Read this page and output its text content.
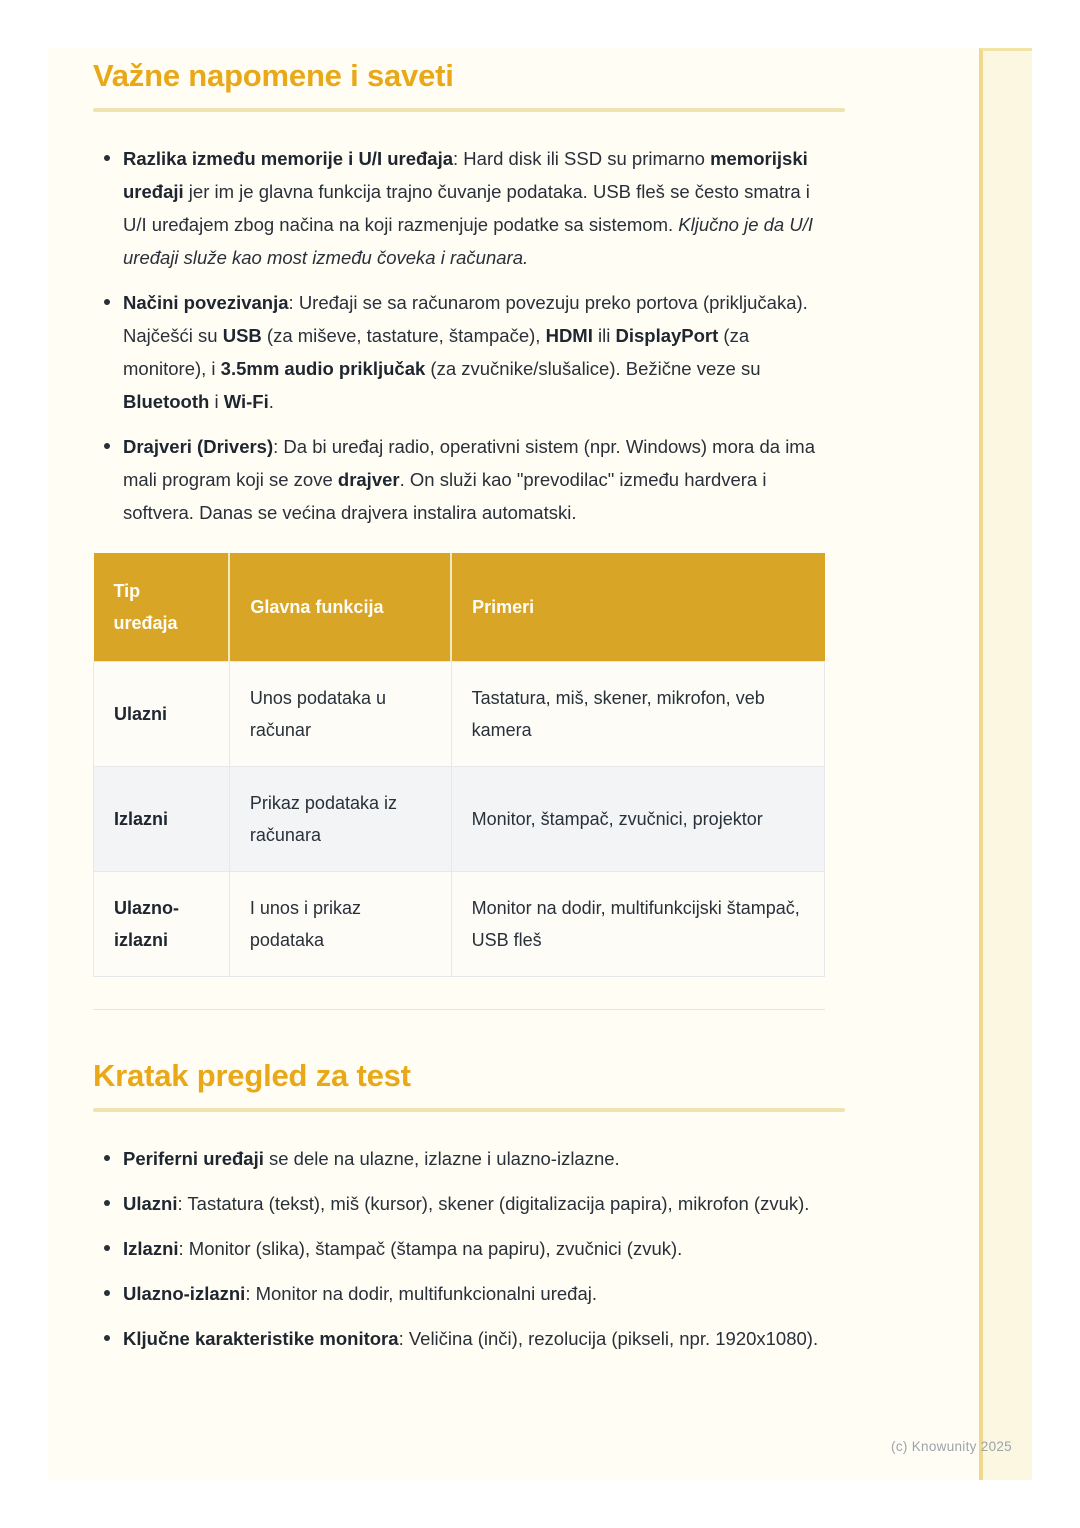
Važne napomene i saveti
Razlika između memorije i U/I uređaja: Hard disk ili SSD su primarno memorijski uređaji jer im je glavna funkcija trajno čuvanje podataka. USB fleš se često smatra i U/I uređajem zbog načina na koji razmenjuje podatke sa sistemom. Ključno je da U/I uređaji služe kao most između čoveka i računara.
Načini povezivanja: Uređaji se sa računarom povezuju preko portova (priključaka). Najčešći su USB (za miševe, tastature, štampače), HDMI ili DisplayPort (za monitore), i 3.5mm audio priključak (za zvučnike/slušalice). Bežične veze su Bluetooth i Wi-Fi.
Drajveri (Drivers): Da bi uređaj radio, operativni sistem (npr. Windows) mora da ima mali program koji se zove drajver. On služi kao "prevodilac" između hardvera i softvera. Danas se većina drajvera instalira automatski.
Tip uređaja	Glavna funkcija	Primeri
Ulazni	Unos podataka u računar	Tastatura, miš, skener, mikrofon, veb kamera
Izlazni	Prikaz podataka iz računara	Monitor, štampač, zvučnici, projektor
Ulazno-izlazni	I unos i prikaz podataka	Monitor na dodir, multifunkcijski štampač, USB fleš
Kratak pregled za test
Periferni uređaji se dele na ulazne, izlazne i ulazno-izlazne.
Ulazni: Tastatura (tekst), miš (kursor), skener (digitalizacija papira), mikrofon (zvuk).
Izlazni: Monitor (slika), štampač (štampa na papiru), zvučnici (zvuk).
Ulazno-izlazni: Monitor na dodir, multifunkcionalni uređaj.
Ključne karakteristike monitora: Veličina (inči), rezolucija (pikseli, npr. 1920x1080).
(c) Knowunity 2025
